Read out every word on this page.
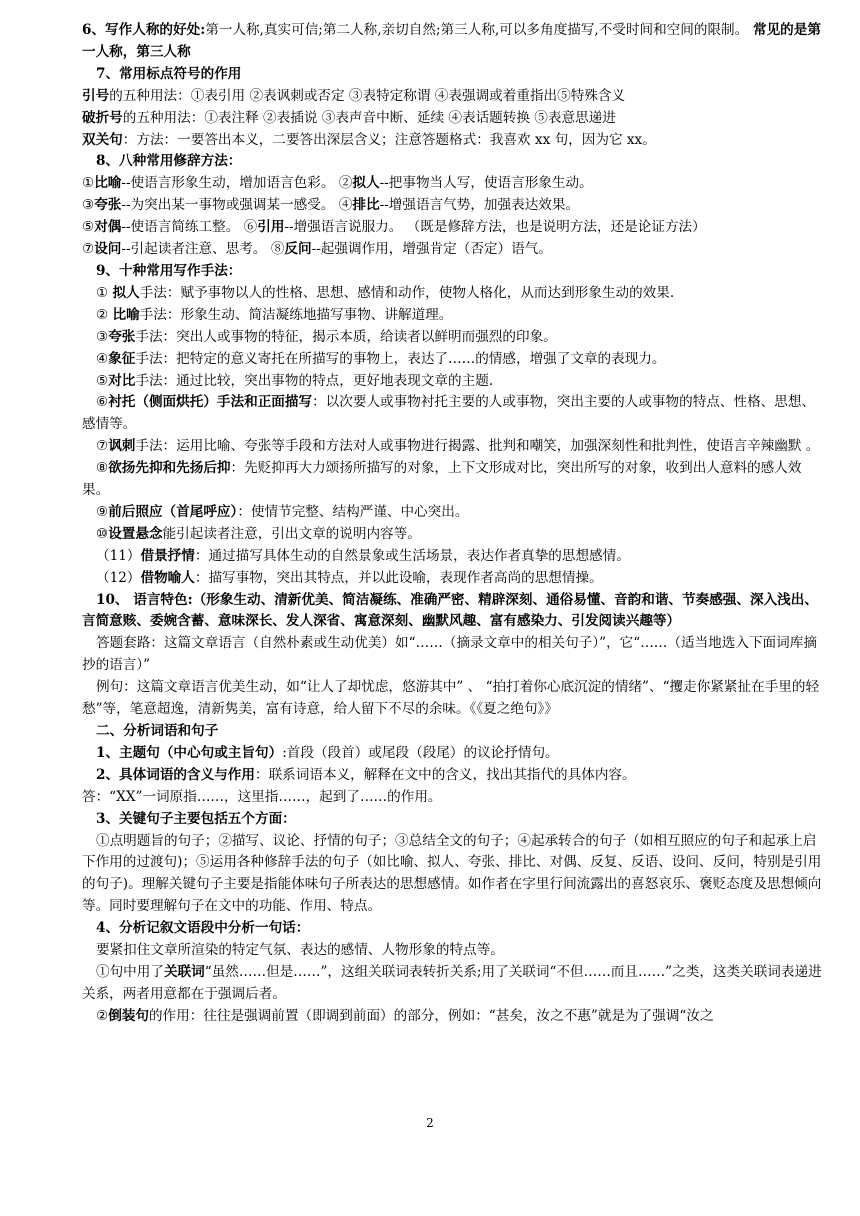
6、写作人称的好处:第一人称,真实可信;第二人称,亲切自然;第三人称,可以多角度描写,不受时间和空间的限制。 常见的是第一人称，第三人称

7、常用标点符号的作用

引号的五种用法：①表引用 ②表讽刺或否定 ③表特定称谓 ④表强调或着重指出⑤特殊含义

破折号的五种用法：①表注释 ②表插说 ③表声音中断、延续 ④表话题转换 ⑤表意思递进

双关句：方法：一要答出本义，二要答出深层含义；注意答题格式：我喜欢 xx 句，因为它 xx。

8、八种常用修辞方法：

①比喻--使语言形象生动，增加语言色彩。 ②拟人--把事物当人写，使语言形象生动。

③夸张--为突出某一事物或强调某一感受。 ④排比--增强语言气势，加强表达效果。

⑤对偶--使语言简练工整。 ⑥引用--增强语言说服力。 （既是修辞方法，也是说明方法，还是论证方法）

⑦设问--引起读者注意、思考。 ⑧反问--起强调作用，增强肯定（否定）语气。

9、十种常用写作手法：

① 拟人手法：赋予事物以人的性格、思想、感情和动作，使物人格化，从而达到形象生动的效果.

② 比喻手法：形象生动、简洁凝练地描写事物、讲解道理。

③夸张手法：突出人或事物的特征，揭示本质，给读者以鲜明而强烈的印象。

④象征手法：把特定的意义寄托在所描写的事物上，表达了……的情感，增强了文章的表现力。

⑤对比手法：通过比较，突出事物的特点，更好地表现文章的主题.

⑥衬托（侧面烘托）手法和正面描写：以次要人或事物衬托主要的人或事物，突出主要的人或事物的特点、性格、思想、感情等。

⑦讽刺手法：运用比喻、夸张等手段和方法对人或事物进行揭露、批判和嘲笑，加强深刻性和批判性，使语言辛辣幽默 。

⑧欲扬先抑和先扬后抑：先贬抑再大力颂扬所描写的对象，上下文形成对比，突出所写的对象，收到出人意料的感人效果。

⑨前后照应（首尾呼应）：使情节完整、结构严谨、中心突出。

⑩设置悬念能引起读者注意，引出文章的说明内容等。

（11）借景抒情：通过描写具体生动的自然景象或生活场景，表达作者真挚的思想感情。

（12）借物喻人：描写事物，突出其特点，并以此设喻，表现作者高尚的思想情操。

10、 语言特色:（形象生动、清新优美、简洁凝练、准确严密、精辟深刻、通俗易懂、音韵和谐、节奏感强、深入浅出、言简意赅、委婉含蓄、意味深长、发人深省、寓意深刻、幽默风趣、富有感染力、引发阅读兴趣等）

答题套路：这篇文章语言（自然朴素或生动优美）如“……（摘录文章中的相关句子）”，它“……（适当地选入下面词库摘抄的语言）”

例句：这篇文章语言优美生动，如“让人了却忧虑，悠游其中” 、 “拍打着你心底沉淀的情绪”、“攫走你紧紧扯在手里的轻愁”等，笔意超逸，清新隽美，富有诗意，给人留下不尽的余味。《《夏之绝句》》

二、分析词语和句子

1、主题句（中心句或主旨句）:首段（段首）或尾段（段尾）的议论抒情句。

2、具体词语的含义与作用：联系词语本义，解释在文中的含义，找出其指代的具体内容。

答：“XX”一词原指……，这里指……，起到了……的作用。

3、关键句子主要包括五个方面：

①点明题旨的句子；②描写、议论、抒情的句子；③总结全文的句子；④起承转合的句子（如相互照应的句子和起承上启下作用的过渡句)；⑤运用各种修辞手法的句子（如比喻、拟人、夸张、排比、对偶、反复、反语、设问、反问，特别是引用的句子)。理解关键句子主要是指能体味句子所表达的思想感情。如作者在字里行间流露出的喜怒哀乐、褒贬态度及思想倾向等。同时要理解句子在文中的功能、作用、特点。

4、分析记叙文语段中分析一句话：

要紧扣住文章所渲染的特定气氛、表达的感情、人物形象的特点等。

①句中用了关联词“虽然……但是……”，这组关联词表转折关系;用了关联词“不但……而且……”之类，这类关联词表递进关系，两者用意都在于强调后者。

②倒装句的作用：往往是强调前置（即调到前面）的部分，例如：“甚矣，汝之不惠”就是为了强调“汝之

2
